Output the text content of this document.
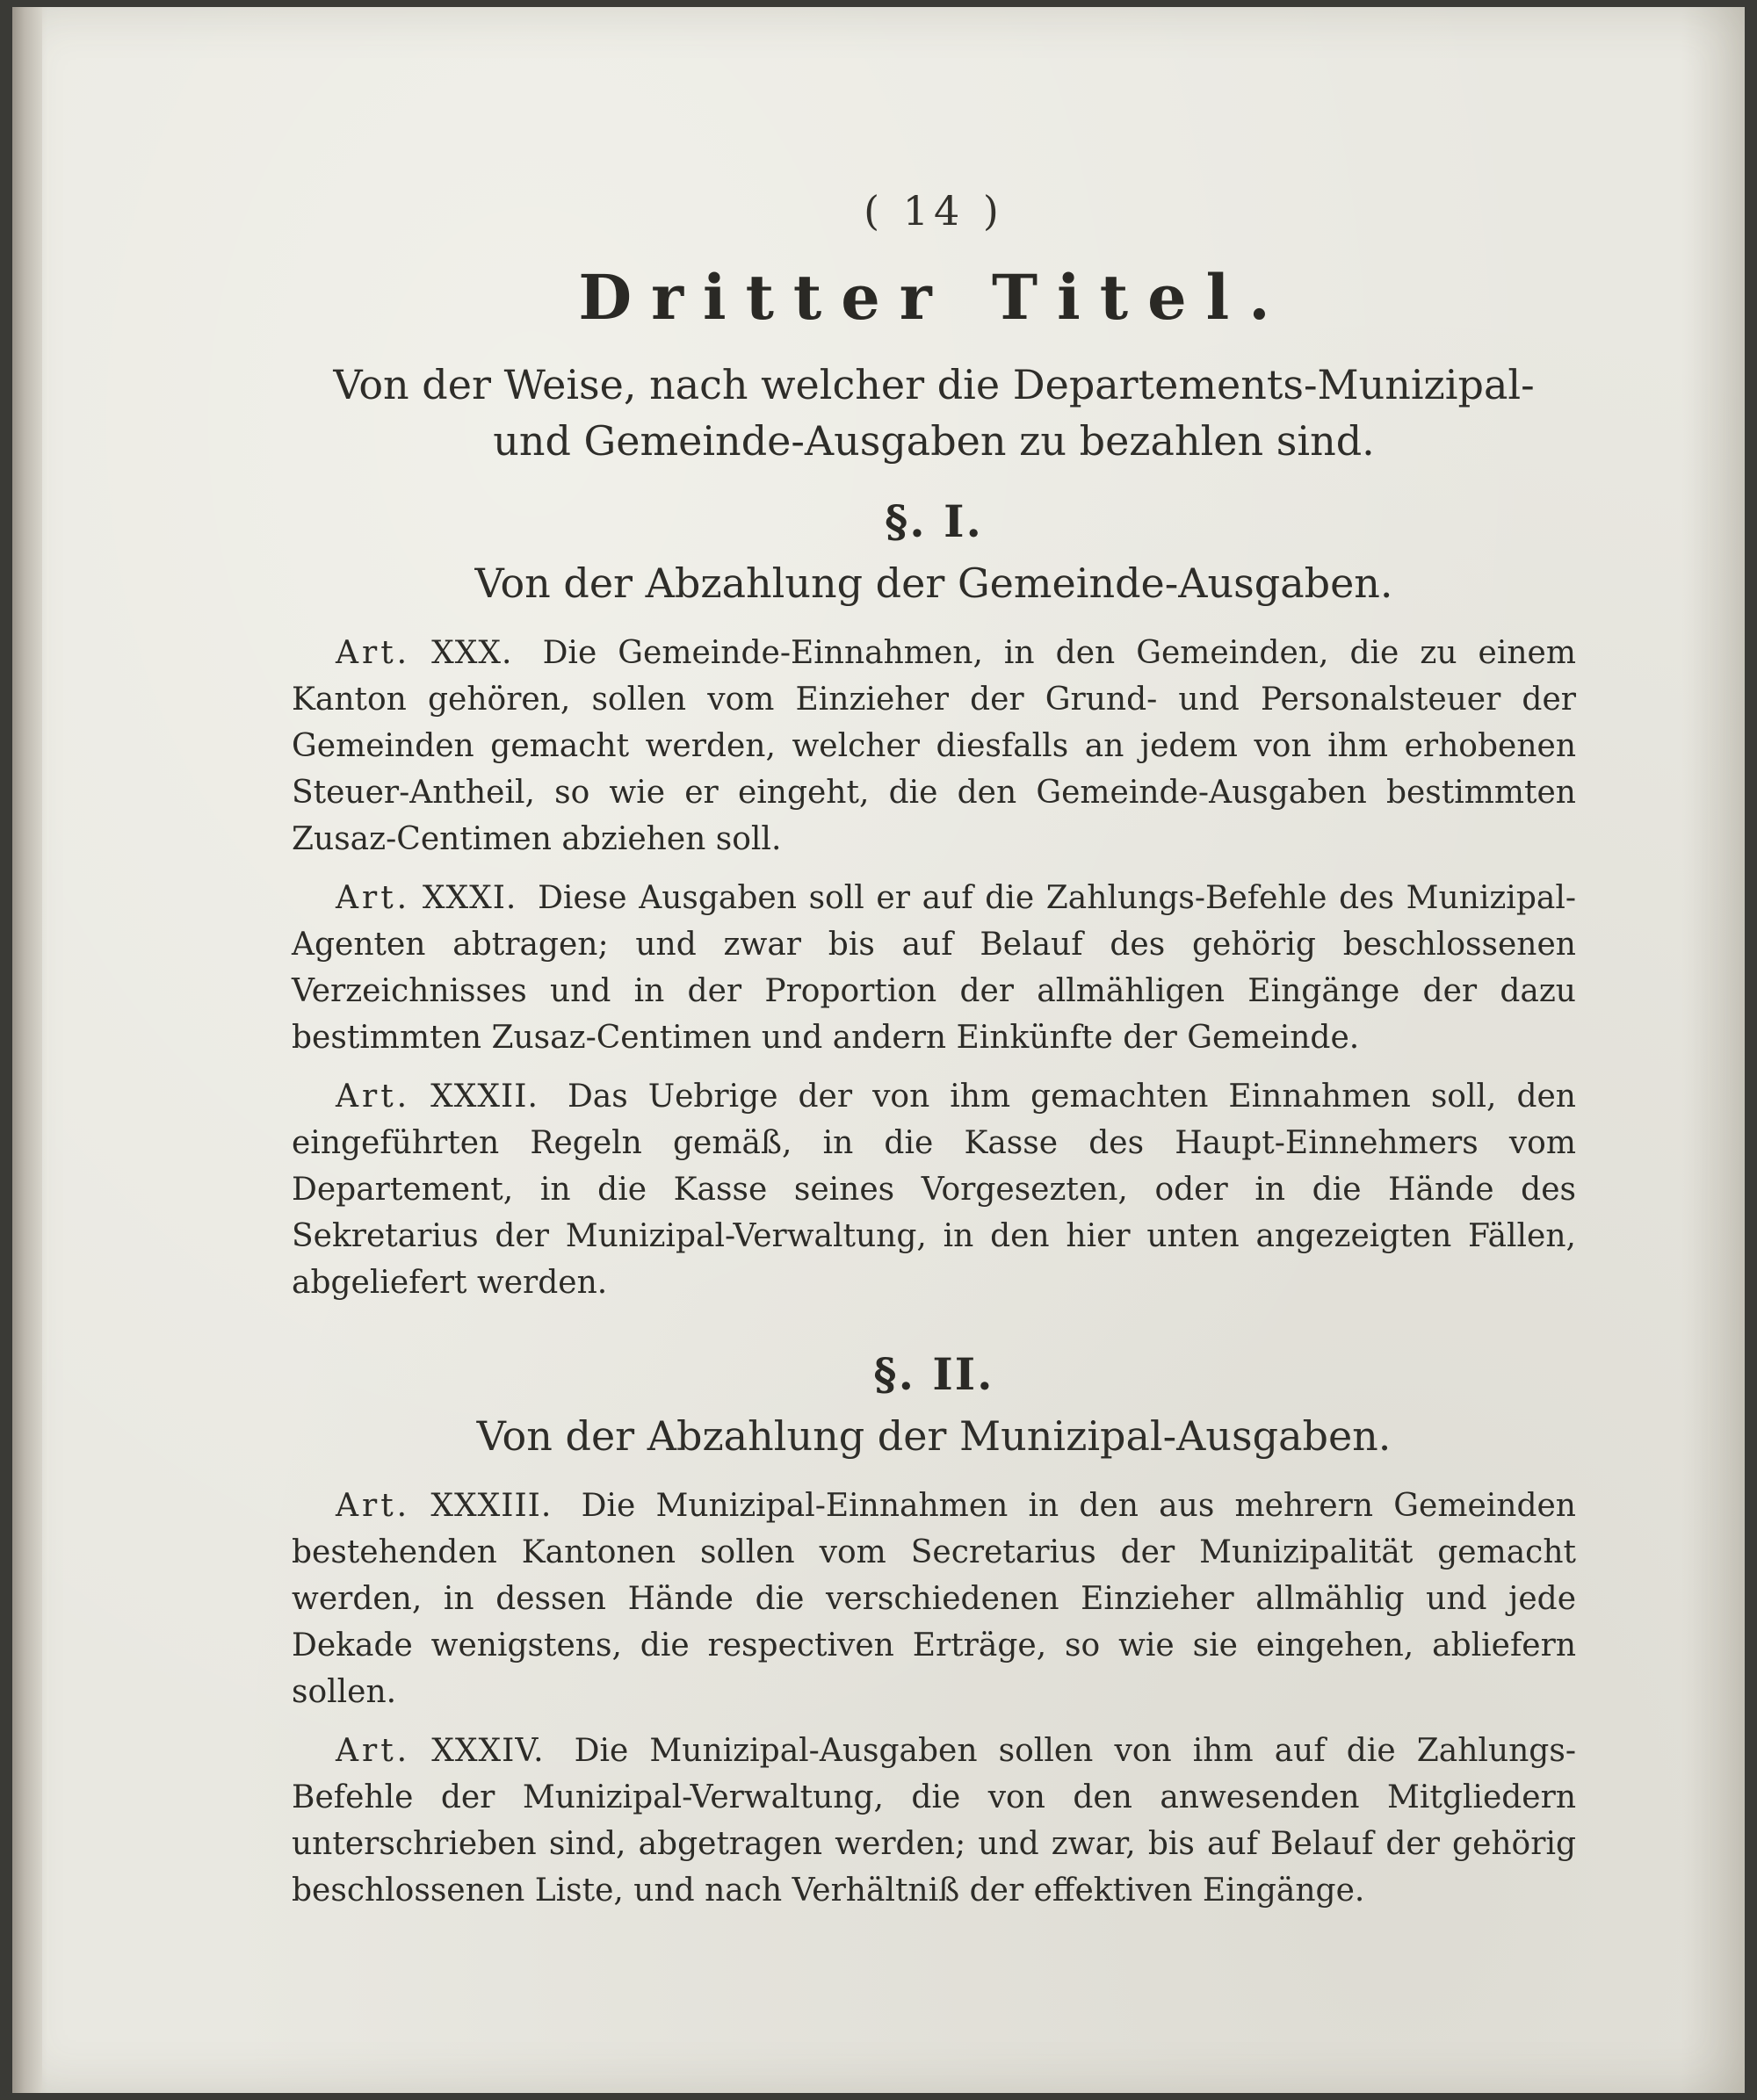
( 14 )
Dritter Titel.
Von der Weise, nach welcher die Departements-Munizipal- und Gemeinde-Ausgaben zu bezahlen sind.
§. I.
Von der Abzahlung der Gemeinde-Ausgaben.

Art. XXX. Die Gemeinde-Einnahmen, in den Gemeinden, die zu einem Kanton gehören, sollen vom Einzieher der Grund- und Personalsteuer der Gemeinden gemacht werden, welcher diesfalls an jedem von ihm erhobenen Steuer-Antheil, so wie er eingeht, die den Gemeinde-Ausgaben bestimmten Zusaz-Centimen abziehen soll.

Art. XXXI. Diese Ausgaben soll er auf die Zahlungs-Befehle des Munizipal-Agenten abtragen; und zwar bis auf Belauf des gehörig beschlossenen Verzeichnisses und in der Proportion der allmähligen Eingänge der dazu bestimmten Zusaz-Centimen und andern Einkünfte der Gemeinde.

Art. XXXII. Das Uebrige der von ihm gemachten Einnahmen soll, den eingeführten Regeln gemäß, in die Kasse des Haupt-Einnehmers vom Departement, in die Kasse seines Vorgesezten, oder in die Hände des Sekretarius der Munizipal-Verwaltung, in den hier unten angezeigten Fällen, abgeliefert werden.

§. II.
Von der Abzahlung der Munizipal-Ausgaben.

Art. XXXIII. Die Munizipal-Einnahmen in den aus mehrern Gemeinden bestehenden Kantonen sollen vom Secretarius der Munizipalität gemacht werden, in dessen Hände die verschiedenen Einzieher allmählig und jede Dekade wenigstens, die respectiven Erträge, so wie sie eingehen, abliefern sollen.

Art. XXXIV. Die Munizipal-Ausgaben sollen von ihm auf die Zahlungs-Befehle der Munizipal-Verwaltung, die von den anwesenden Mitgliedern unterschrieben sind, abgetragen werden; und zwar, bis auf Belauf der gehörig beschlossenen Liste, und nach Verhältniß der effektiven Eingänge.
